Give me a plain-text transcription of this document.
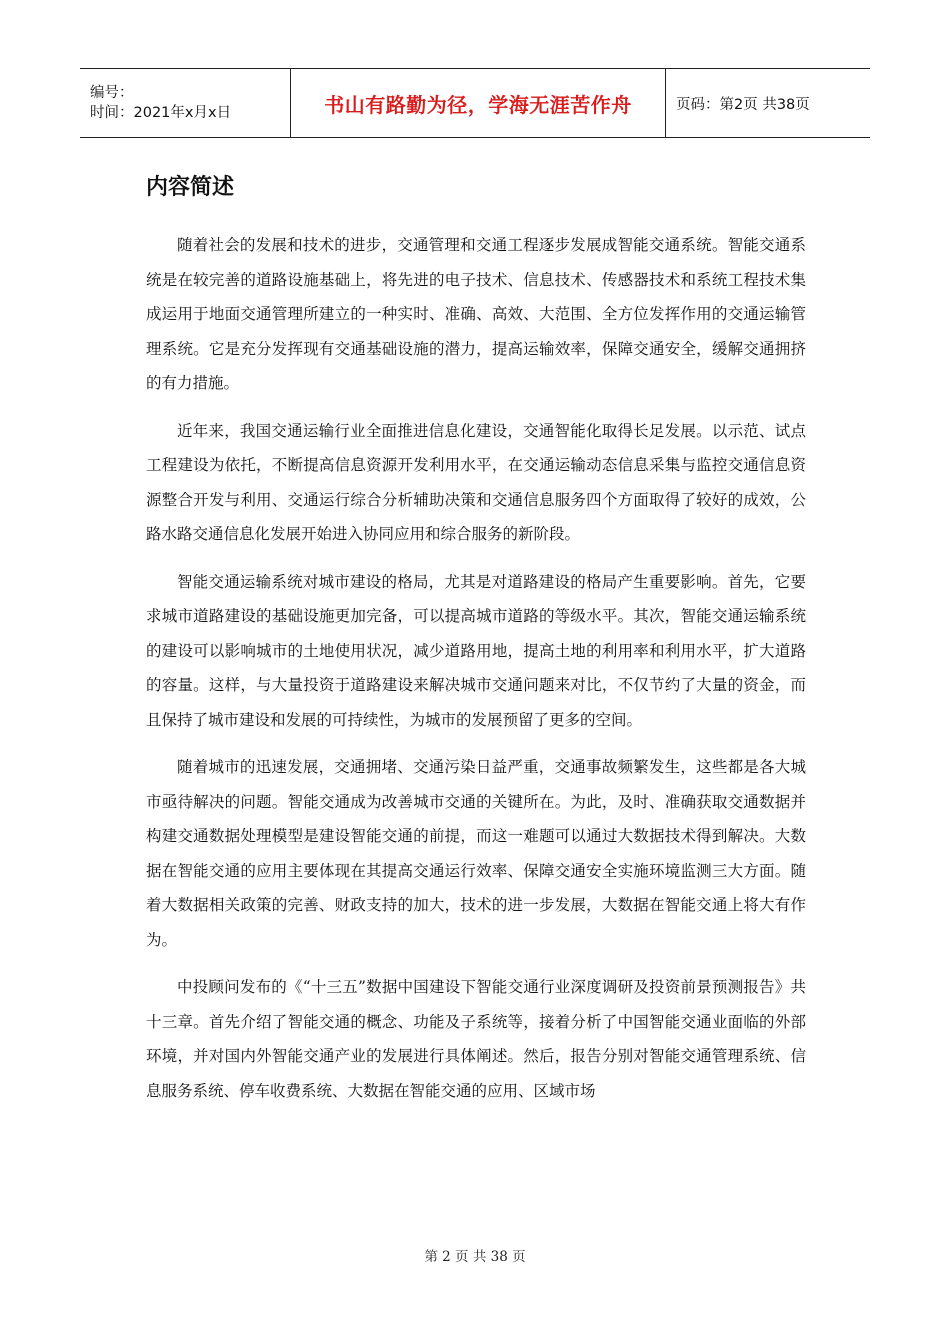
编号：
时间：2021年x月x日	书山有路勤为径，学海无涯苦作舟	页码：第2页 共38页
内容简述

随着社会的发展和技术的进步，交通管理和交通工程逐步发展成智能交通系统。智能交通系统是在较完善的道路设施基础上，将先进的电子技术、信息技术、传感器技术和系统工程技术集成运用于地面交通管理所建立的一种实时、准确、高效、大范围、全方位发挥作用的交通运输管理系统。它是充分发挥现有交通基础设施的潜力，提高运输效率，保障交通安全，缓解交通拥挤的有力措施。

近年来，我国交通运输行业全面推进信息化建设，交通智能化取得长足发展。以示范、试点工程建设为依托，不断提高信息资源开发利用水平，在交通运输动态信息采集与监控交通信息资源整合开发与利用、交通运行综合分析辅助决策和交通信息服务四个方面取得了较好的成效，公路水路交通信息化发展开始进入协同应用和综合服务的新阶段。

智能交通运输系统对城市建设的格局，尤其是对道路建设的格局产生重要影响。首先，它要求城市道路建设的基础设施更加完备，可以提高城市道路的等级水平。其次，智能交通运输系统的建设可以影响城市的土地使用状况，减少道路用地，提高土地的利用率和利用水平，扩大道路的容量。这样，与大量投资于道路建设来解决城市交通问题来对比，不仅节约了大量的资金，而且保持了城市建设和发展的可持续性，为城市的发展预留了更多的空间。

随着城市的迅速发展，交通拥堵、交通污染日益严重，交通事故频繁发生，这些都是各大城市亟待解决的问题。智能交通成为改善城市交通的关键所在。为此，及时、准确获取交通数据并构建交通数据处理模型是建设智能交通的前提，而这一难题可以通过大数据技术得到解决。大数据在智能交通的应用主要体现在其提高交通运行效率、保障交通安全实施环境监测三大方面。随着大数据相关政策的完善、财政支持的加大，技术的进一步发展，大数据在智能交通上将大有作为。

中投顾问发布的《“十三五”数据中国建设下智能交通行业深度调研及投资前景预测报告》共十三章。首先介绍了智能交通的概念、功能及子系统等，接着分析了中国智能交通业面临的外部环境，并对国内外智能交通产业的发展进行具体阐述。然后，报告分别对智能交通管理系统、信息服务系统、停车收费系统、大数据在智能交通的应用、区域市场

第 2 页 共 38 页
